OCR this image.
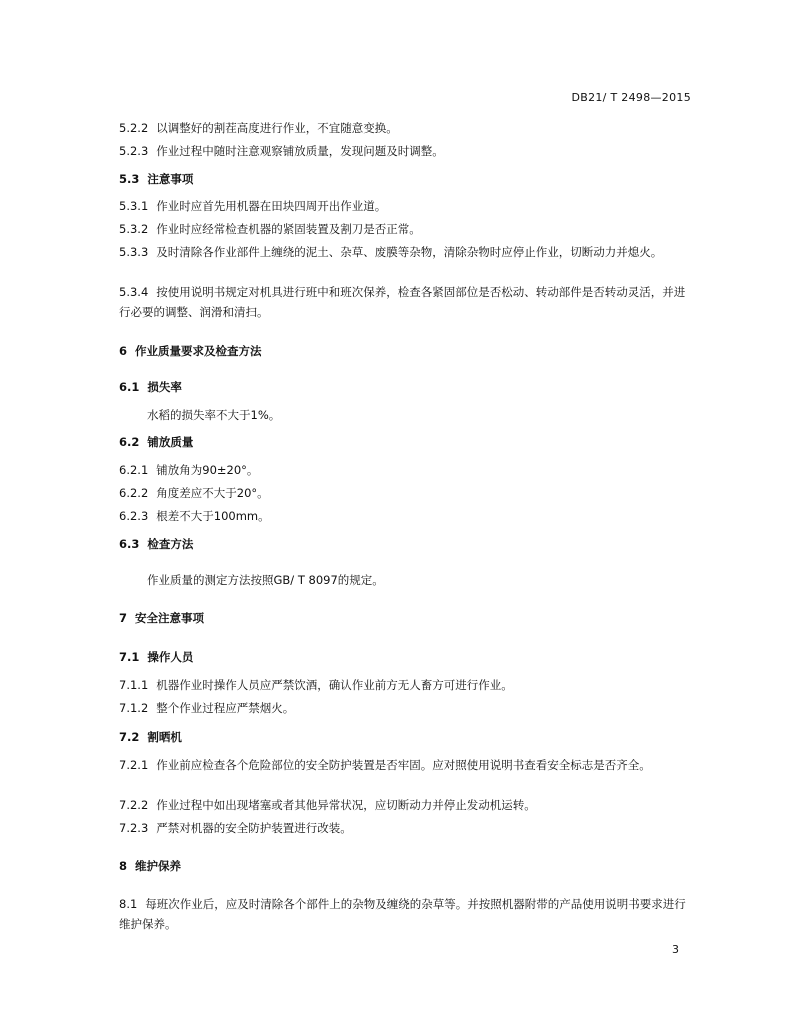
DB21/ T 2498—2015
5.2.2 以调整好的割茬高度进行作业，不宜随意变换。
5.2.3 作业过程中随时注意观察铺放质量，发现问题及时调整。
5.3 注意事项
5.3.1 作业时应首先用机器在田块四周开出作业道。
5.3.2 作业时应经常检查机器的紧固装置及割刀是否正常。
5.3.3 及时清除各作业部件上缠绕的泥土、杂草、废膜等杂物，清除杂物时应停止作业，切断动力并熄火。
5.3.4 按使用说明书规定对机具进行班中和班次保养，检查各紧固部位是否松动、转动部件是否转动灵活，并进行必要的调整、润滑和清扫。
6 作业质量要求及检查方法
6.1 损失率
水稻的损失率不大于1%。
6.2 铺放质量
6.2.1 铺放角为90±20°。
6.2.2 角度差应不大于20°。
6.2.3 根差不大于100mm。
6.3 检查方法
作业质量的测定方法按照GB/ T 8097的规定。
7 安全注意事项
7.1 操作人员
7.1.1 机器作业时操作人员应严禁饮酒，确认作业前方无人畜方可进行作业。
7.1.2 整个作业过程应严禁烟火。
7.2 割晒机
7.2.1 作业前应检查各个危险部位的安全防护装置是否牢固。应对照使用说明书查看安全标志是否齐全。
7.2.2 作业过程中如出现堵塞或者其他异常状况，应切断动力并停止发动机运转。
7.2.3 严禁对机器的安全防护装置进行改装。
8 维护保养
8.1 每班次作业后，应及时清除各个部件上的杂物及缠绕的杂草等。并按照机器附带的产品使用说明书要求进行维护保养。
3
